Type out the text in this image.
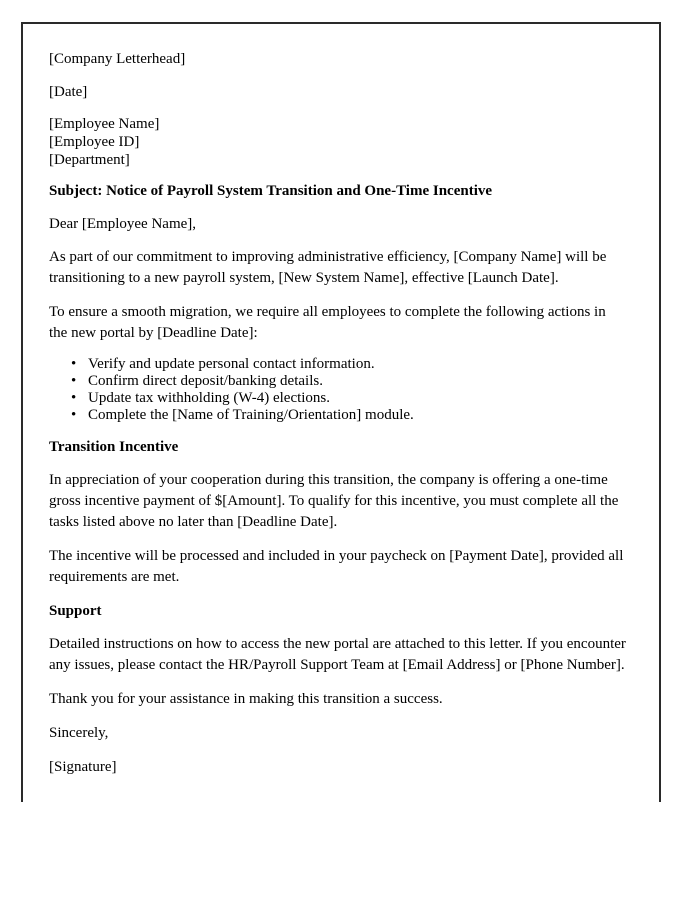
[Company Letterhead]

[Date]

[Employee Name]
[Employee ID]
[Department]

Subject: Notice of Payroll System Transition and One-Time Incentive

Dear [Employee Name],

As part of our commitment to improving administrative efficiency, [Company Name] will be transitioning to a new payroll system, [New System Name], effective [Launch Date].

To ensure a smooth migration, we require all employees to complete the following actions in the new portal by [Deadline Date]:

• Verify and update personal contact information.
• Confirm direct deposit/banking details.
• Update tax withholding (W-4) elections.
• Complete the [Name of Training/Orientation] module.

Transition Incentive

In appreciation of your cooperation during this transition, the company is offering a one-time gross incentive payment of $[Amount]. To qualify for this incentive, you must complete all the tasks listed above no later than [Deadline Date].

The incentive will be processed and included in your paycheck on [Payment Date], provided all requirements are met.

Support

Detailed instructions on how to access the new portal are attached to this letter. If you encounter any issues, please contact the HR/Payroll Support Team at [Email Address] or [Phone Number].

Thank you for your assistance in making this transition a success.

Sincerely,

[Signature]
